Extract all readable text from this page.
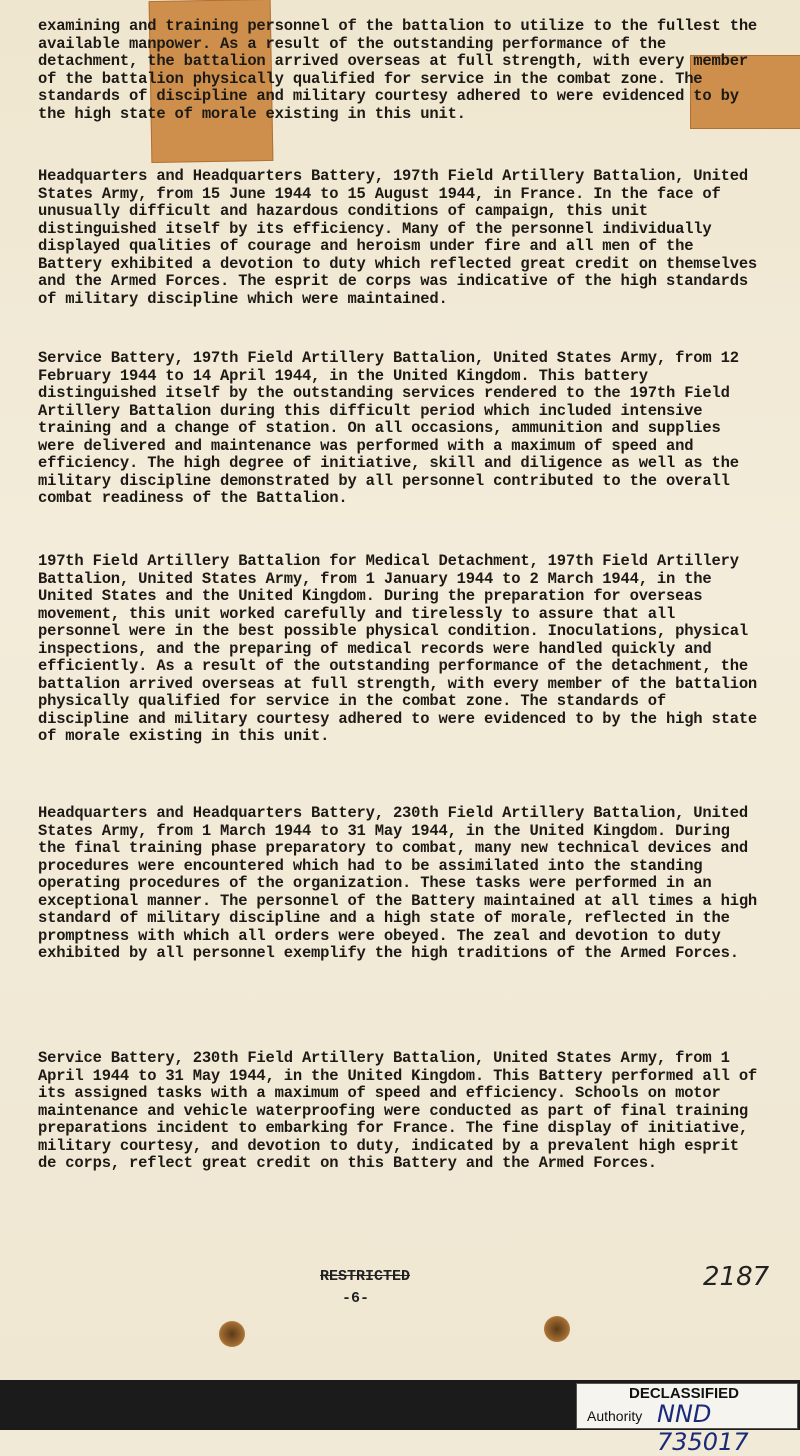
examining and training personnel of the battalion to utilize to the fullest the available manpower. As a result of the outstanding performance of the detachment, the battalion arrived overseas at full strength, with every member of the battalion physically qualified for service in the combat zone. The standards of discipline and military courtesy adhered to were evidenced to by the high state of morale existing in this unit.
Headquarters and Headquarters Battery, 197th Field Artillery Battalion, United States Army, from 15 June 1944 to 15 August 1944, in France. In the face of unusually difficult and hazardous conditions of campaign, this unit distinguished itself by its efficiency. Many of the personnel individually displayed qualities of courage and heroism under fire and all men of the Battery exhibited a devotion to duty which reflected great credit on themselves and the Armed Forces. The esprit de corps was indicative of the high standards of military discipline which were maintained.
Service Battery, 197th Field Artillery Battalion, United States Army, from 12 February 1944 to 14 April 1944, in the United Kingdom. This battery distinguished itself by the outstanding services rendered to the 197th Field Artillery Battalion during this difficult period which included intensive training and a change of station. On all occasions, ammunition and supplies were delivered and maintenance was performed with a maximum of speed and efficiency. The high degree of initiative, skill and diligence as well as the military discipline demonstrated by all personnel contributed to the overall combat readiness of the Battalion.
197th Field Artillery Battalion for Medical Detachment, 197th Field Artillery Battalion, United States Army, from 1 January 1944 to 2 March 1944, in the United States and the United Kingdom. During the preparation for overseas movement, this unit worked carefully and tirelessly to assure that all personnel were in the best possible physical condition. Inoculations, physical inspections, and the preparing of medical records were handled quickly and efficiently. As a result of the outstanding performance of the detachment, the battalion arrived overseas at full strength, with every member of the battalion physically qualified for service in the combat zone. The standards of discipline and military courtesy adhered to were evidenced to by the high state of morale existing in this unit.
Headquarters and Headquarters Battery, 230th Field Artillery Battalion, United States Army, from 1 March 1944 to 31 May 1944, in the United Kingdom. During the final training phase preparatory to combat, many new technical devices and procedures were encountered which had to be assimilated into the standing operating procedures of the organization. These tasks were performed in an exceptional manner. The personnel of the Battery maintained at all times a high standard of military discipline and a high state of morale, reflected in the promptness with which all orders were obeyed. The zeal and devotion to duty exhibited by all personnel exemplify the high traditions of the Armed Forces.
Service Battery, 230th Field Artillery Battalion, United States Army, from 1 April 1944 to 31 May 1944, in the United Kingdom. This Battery performed all of its assigned tasks with a maximum of speed and efficiency. Schools on motor maintenance and vehicle waterproofing were conducted as part of final training preparations incident to embarking for France. The fine display of initiative, military courtesy, and devotion to duty, indicated by a prevalent high esprit de corps, reflect great credit on this Battery and the Armed Forces.
RESTRICTED
-6-
2187
DECLASSIFIED
Authority NND 735017
